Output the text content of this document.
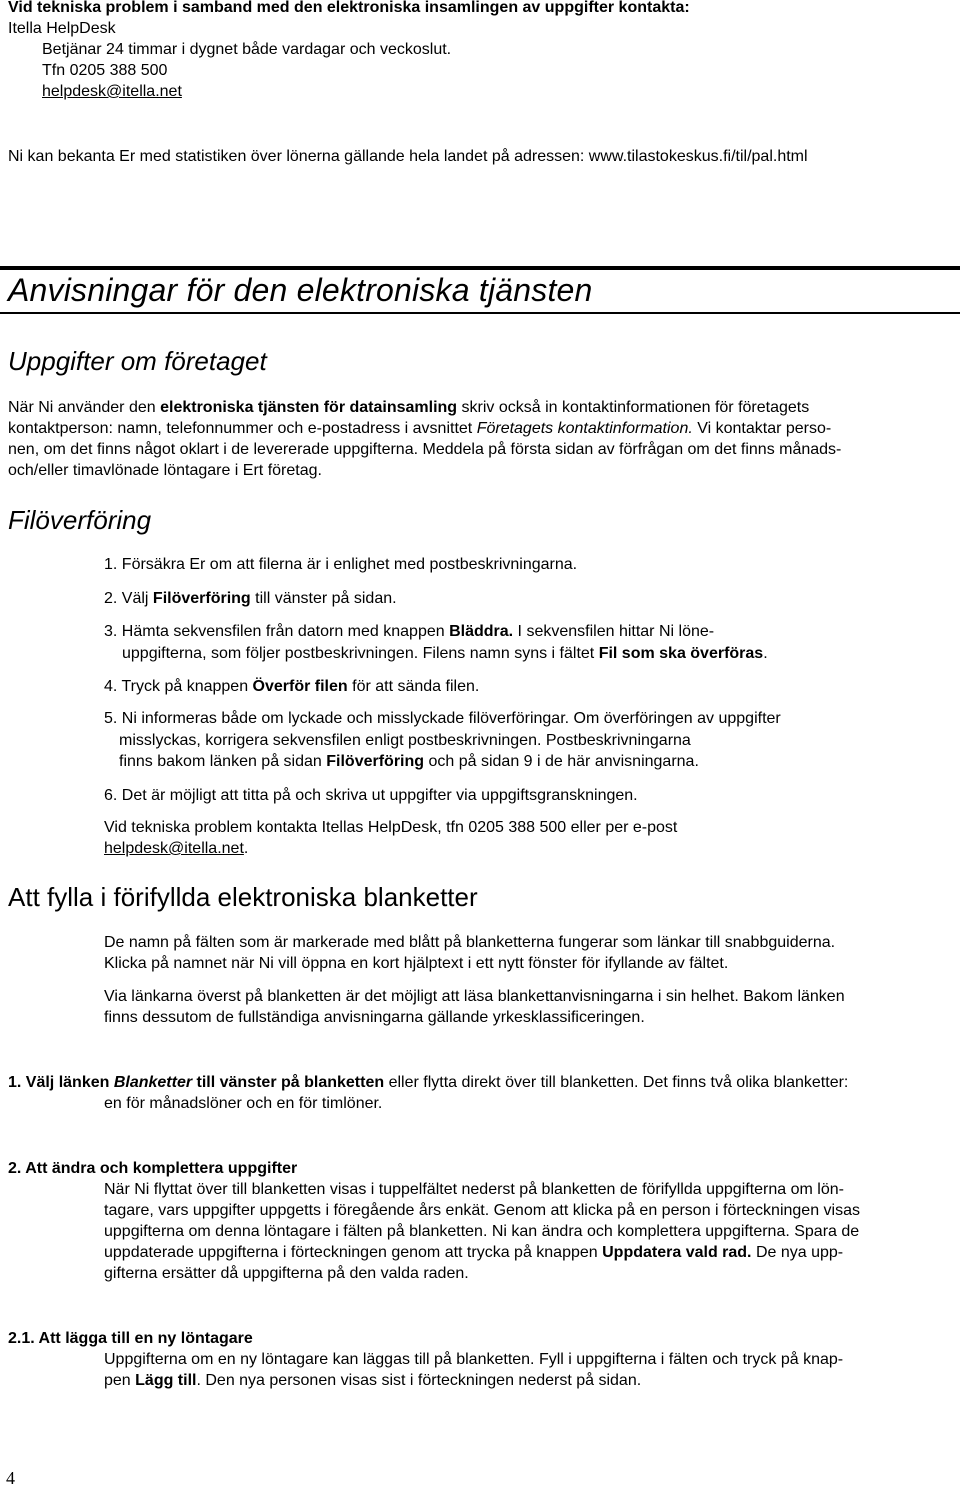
Vid tekniska problem i samband med den elektroniska insamlingen av uppgifter kontakta:
Itella HelpDesk
Betjänar 24 timmar i dygnet både vardagar och veckoslut.
Tfn 0205 388 500
helpdesk@itella.net
Ni kan bekanta Er med statistiken över lönerna gällande hela landet på adressen: www.tilastokeskus.fi/til/pal.html
Anvisningar för den elektroniska tjänsten
Uppgifter om företaget
När Ni använder den elektroniska tjänsten för datainsamling skriv också in kontaktinformationen för företagets
kontaktperson: namn, telefonnummer och e-postadress i avsnittet Företagets kontaktinformation. Vi kontaktar perso-
nen, om det finns något oklart i de levererade uppgifterna. Meddela på första sidan av förfrågan om det finns månads-
och/eller timavlönade löntagare i Ert företag.
Filöverföring
1. Försäkra Er om att filerna är i enlighet med postbeskrivningarna.
2. Välj Filöverföring till vänster på sidan.
3. Hämta sekvensfilen från datorn med knappen Bläddra. I sekvensfilen hittar Ni löne-
uppgifterna, som följer postbeskrivningen. Filens namn syns i fältet Fil som ska överföras.
4. Tryck på knappen Överför filen för att sända filen.
5. Ni informeras både om lyckade och misslyckade filöverföringar. Om överföringen av uppgifter
misslyckas, korrigera sekvensfilen enligt postbeskrivningen. Postbeskrivningarna
finns bakom länken på sidan Filöverföring och på sidan 9 i de här anvisningarna.
6. Det är möjligt att titta på och skriva ut uppgifter via uppgiftsgranskningen.
Vid tekniska problem kontakta Itellas HelpDesk, tfn 0205 388 500 eller per e-post
helpdesk@itella.net.
Att fylla i förifyllda elektroniska blanketter
De namn på fälten som är markerade med blått på blanketterna fungerar som länkar till snabbguiderna.
Klicka på namnet när Ni vill öppna en kort hjälptext i ett nytt fönster för ifyllande av fältet.
Via länkarna överst på blanketten är det möjligt att läsa blankettanvisningarna i sin helhet. Bakom länken
finns dessutom de fullständiga anvisningarna gällande yrkesklassificeringen.
1. Välj länken Blanketter till vänster på blanketten eller flytta direkt över till blanketten. Det finns två olika blanketter:
en för månadslöner och en för timlöner.
2. Att ändra och komplettera uppgifter
När Ni flyttat över till blanketten visas i tuppelfältet nederst på blanketten de förifyllda uppgifterna om lön-
tagare, vars uppgifter uppgetts i föregående års enkät. Genom att klicka på en person i förteckningen visas
uppgifterna om denna löntagare i fälten på blanketten. Ni kan ändra och komplettera uppgifterna. Spara de
uppdaterade uppgifterna i förteckningen genom att trycka på knappen Uppdatera vald rad. De nya upp-
gifterna ersätter då uppgifterna på den valda raden.
2.1. Att lägga till en ny löntagare
Uppgifterna om en ny löntagare kan läggas till på blanketten. Fyll i uppgifterna i fälten och tryck på knap-
pen Lägg till. Den nya personen visas sist i förteckningen nederst på sidan.
4
